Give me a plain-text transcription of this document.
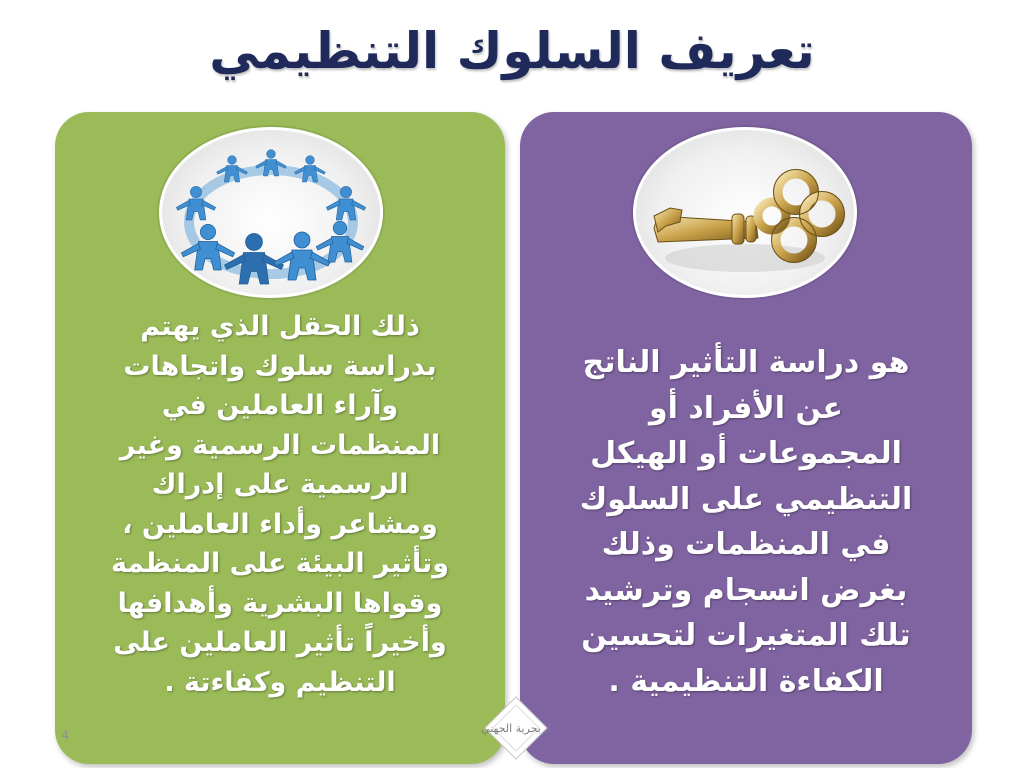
تعريف السلوك التنظيمي
هو دراسة التأثير الناتج
عن الأفراد أو
المجموعات أو الهيكل
التنظيمي على السلوك
في المنظمات وذلك
بغرض انسجام وترشيد
تلك المتغيرات لتحسين
الكفاءة التنظيمية .
ذلك الحقل الذي يهتم
بدراسة سلوك واتجاهات
وآراء العاملين في
المنظمات الرسمية وغير
الرسمية على إدراك
ومشاعر وأداء العاملين ،
وتأثير البيئة على المنظمة
وقواها البشرية وأهدافها
وأخيراً تأثير العاملين على
التنظيم وكفاءتة .
ا. بحرية الجهني
4
